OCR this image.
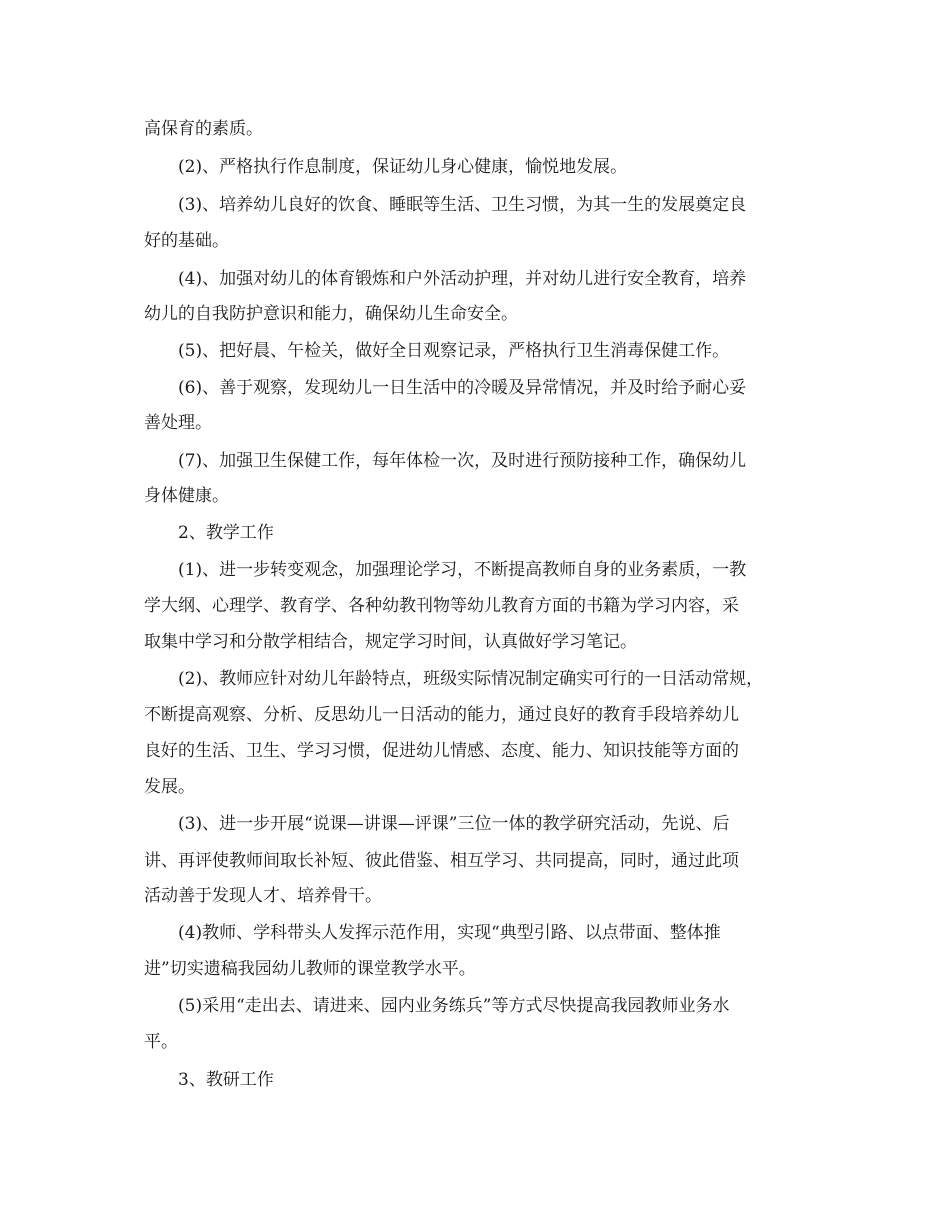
高保育的素质。
(2)、严格执行作息制度，保证幼儿身心健康，愉悦地发展。
(3)、培养幼儿良好的饮食、睡眠等生活、卫生习惯，为其一生的发展奠定良
好的基础。
(4)、加强对幼儿的体育锻炼和户外活动护理，并对幼儿进行安全教育，培养
幼儿的自我防护意识和能力，确保幼儿生命安全。
(5)、把好晨、午检关，做好全日观察记录，严格执行卫生消毒保健工作。
(6)、善于观察，发现幼儿一日生活中的冷暖及异常情况，并及时给予耐心妥
善处理。
(7)、加强卫生保健工作，每年体检一次，及时进行预防接种工作，确保幼儿
身体健康。
2、教学工作
(1)、进一步转变观念，加强理论学习，不断提高教师自身的业务素质，一教
学大纲、心理学、教育学、各种幼教刊物等幼儿教育方面的书籍为学习内容，采
取集中学习和分散学相结合，规定学习时间，认真做好学习笔记。
(2)、教师应针对幼儿年龄特点，班级实际情况制定确实可行的一日活动常规，
不断提高观察、分析、反思幼儿一日活动的能力，通过良好的教育手段培养幼儿
良好的生活、卫生、学习习惯，促进幼儿情感、态度、能力、知识技能等方面的
发展。
(3)、进一步开展“说课—讲课—评课”三位一体的教学研究活动，先说、后
讲、再评使教师间取长补短、彼此借鉴、相互学习、共同提高，同时，通过此项
活动善于发现人才、培养骨干。
(4)教师、学科带头人发挥示范作用，实现“典型引路、以点带面、整体推
进”切实遗稿我园幼儿教师的课堂教学水平。
(5)采用“走出去、请进来、园内业务练兵”等方式尽快提高我园教师业务水
平。
3、教研工作
